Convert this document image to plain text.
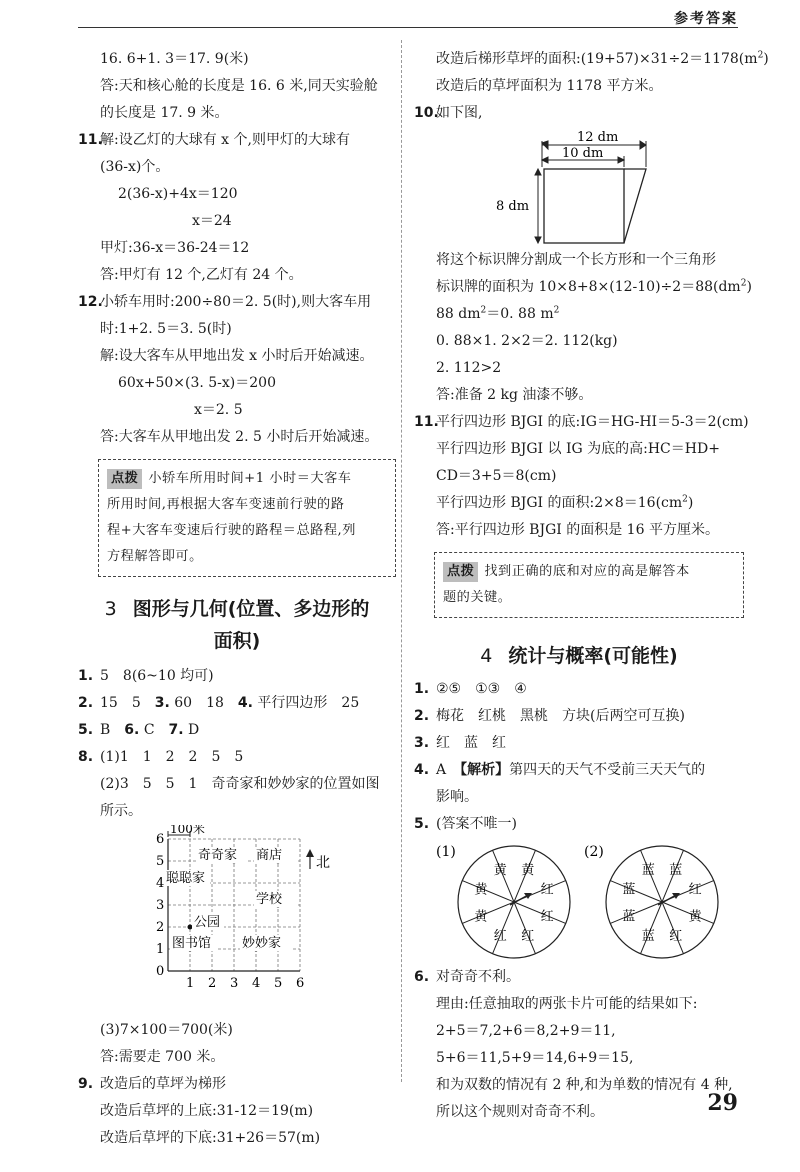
参考答案
16. 6+1. 3＝17. 9(米)
答:天和核心舱的长度是 16. 6 米,同天实验舱
的长度是 17. 9 米。
11.
解:设乙灯的大球有 x 个,则甲灯的大球有
(36-x)个。
2(36-x)+4x＝120
x＝24
甲灯:36-x＝36-24＝12
答:甲灯有 12 个,乙灯有 24 个。
12.
小轿车用时:200÷80＝2. 5(时),则大客车用
时:1+2. 5＝3. 5(时)
解:设大客车从甲地出发 x 小时后开始减速。
60x+50×(3. 5-x)＝200
x＝2. 5
答:大客车从甲地出发 2. 5 小时后开始减速。
点拨 小轿车所用时间+1 小时＝大客车
所用时间,再根据大客车变速前行驶的路
程+大客车变速后行驶的路程＝总路程,列
方程解答即可。
3 图形与几何(位置、多边形的
面积)
1. 5　8(6~10 均可)
2. 15　5　3. 60　18　4. 平行四边形　25
5. B　6. C　7. D
8. (1)1　1　2　2　5　5
(2)3　5　5　1　奇奇家和妙妙家的位置如图
所示。
100米
1 2 3 4 5 6
0
1
2
3
4
5
6
奇奇家 商店
聪聪家
学校
公园
图书馆 妙妙家
北
(3)7×100＝700(米)
答:需要走 700 米。
9. 改造后的草坪为梯形
改造后草坪的上底:31-12＝19(m)
改造后草坪的下底:31+26＝57(m)
改造后梯形草坪的面积$:(19+57)\times 31\div 2=1178(m^2)$
改造后的草坪面积为 1178 平方米。
10.
如下图,
12 dm
10 dm
8 dm
将这个标识牌分割成一个长方形和一个三角形
标识牌的面积为 $10\times 8+8\times(12-10)\div 2=88(dm^2)$
88 $dm^2=0$. 88 $m^2$
0. 88×1. 2×2＝2. 112(kg)
2. 112>2
答:准备 2 kg 油漆不够。
11.
平行四边形 BJGI 的底:IG＝HG-HI＝5-3＝2(cm)
平行四边形 BJGI 以 IG 为底的高:HC＝HD+
CD＝3+5＝8(cm)
平行四边形 BJGI 的面积$:2\times 8=16(cm^2)$
答:平行四边形 BJGI 的面积是 16 平方厘米。
点拨 找到正确的底和对应的高是解答本
题的关键。
4 统计与概率(可能性)
1. ②⑤　①③　④
2. 梅花　红桃　黑桃　方块(后两空可互换)
3. 红　蓝　红
4. A　 【解析】第四天的天气不受前三天天气的
影响。
5. (答案不唯一)
(1)	(2)
黄 黄
红
红
红
红
黄
黄
蓝 蓝
红
黄
红
蓝
蓝
蓝
6. 对奇奇不利。
理由:任意抽取的两张卡片可能的结果如下:
2+5＝7,2+6＝8,2+9＝11,
5+6＝11,5+9＝14,6+9＝15,
和为双数的情况有 2 种,和为单数的情况有 4 种,
所以这个规则对奇奇不利。	29
